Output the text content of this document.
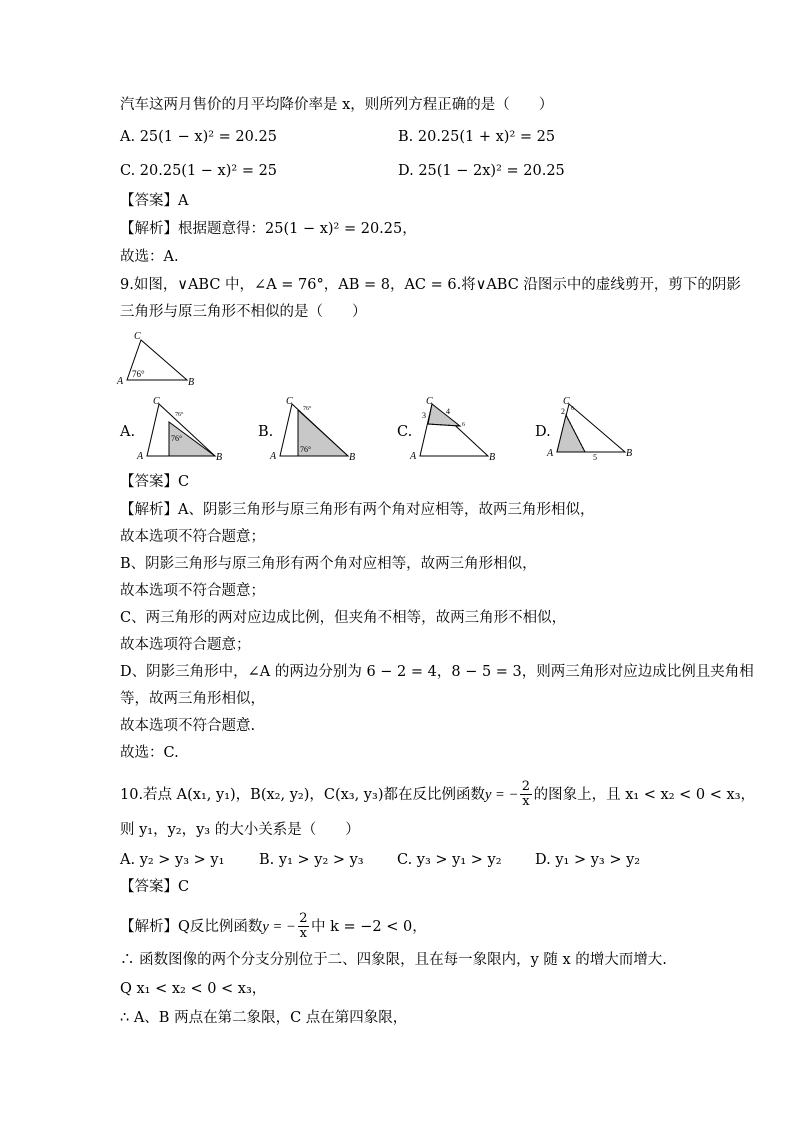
汽车这两月售价的月平均降价率是 x，则所列方程正确的是（　　）
A. 25(1 − x)² = 20.25	B. 20.25(1 + x)² = 25
C. 20.25(1 − x)² = 25	D. 25(1 − 2x)² = 20.25
【答案】A
【解析】根据题意得：25(1 − x)² = 20.25，
故选：A.
9.如图，∨ABC 中，∠A = 76°，AB = 8，AC = 6.将∨ABC 沿图示中的虚线剪开，剪下的阴影
三角形与原三角形不相似的是（　　）
C
A	B
76°
A.
C
A	B
76°
76°
B.
C
A	B
76°
76°
C.
C
A	B
3	4
6	D.
C
A	B
2
5
6
【答案】C
【解析】A、阴影三角形与原三角形有两个角对应相等，故两三角形相似，
故本选项不符合题意；
B、阴影三角形与原三角形有两个角对应相等，故两三角形相似，
故本选项不符合题意；
C、两三角形的两对应边成比例，但夹角不相等，故两三角形不相似，
故本选项符合题意；
D、阴影三角形中，∠A 的两边分别为 6 − 2 = 4，8 − 5 = 3，则两三角形对应边成比例且夹角相
等，故两三角形相似，
故本选项不符合题意.
故选：C.
10.若点 A(x₁, y₁)，B(x₂, y₂)，C(x₃, y₃)都在反比例函数 y = − $\frac{2}{x}$ 的图象上，且 x₁ < x₂ < 0 < x₃，
则 y₁，y₂，y₃ 的大小关系是（　　）
A. y₂ > y₃ > y₁ B. y₁ > y₂ > y₃ C. y₃ > y₁ > y₂ D. y₁ > y₃ > y₂
【答案】C
【解析】Q反比例函数 y = − $\frac{2}{x}$ 中 k = −2 < 0，
∴ 函数图像的两个分支分别位于二、四象限，且在每一象限内，y 随 x 的增大而增大.
Q x₁ < x₂ < 0 < x₃，
∴ A、B 两点在第二象限，C 点在第四象限，
